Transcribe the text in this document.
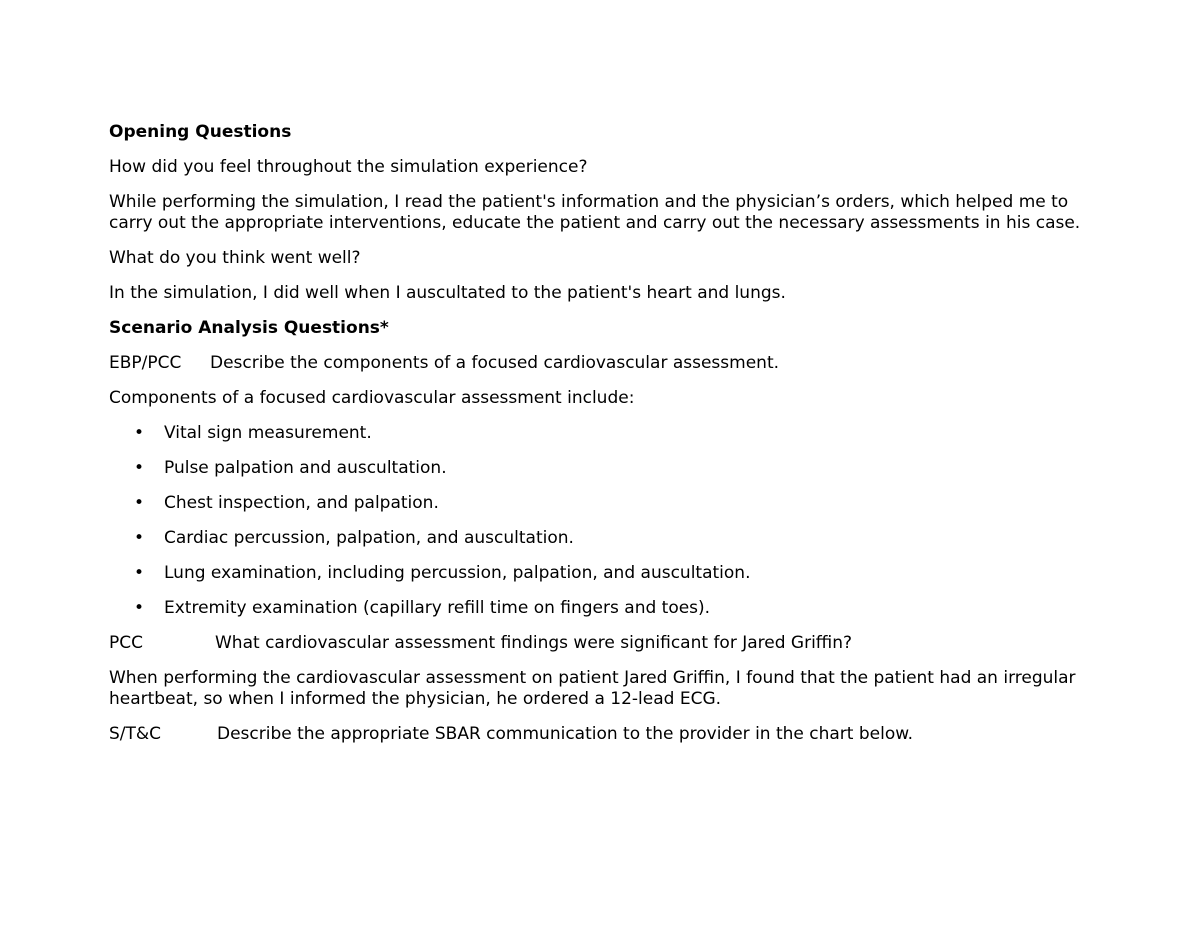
Opening Questions

How did you feel throughout the simulation experience?

While performing the simulation, I read the patient's information and the physician’s orders, which helped me to carry out the appropriate interventions, educate the patient and carry out the necessary assessments in his case.

What do you think went well?

In the simulation, I did well when I auscultated to the patient's heart and lungs.

Scenario Analysis Questions*

EBP/PCC Describe the components of a focused cardiovascular assessment.

Components of a focused cardiovascular assessment include:

• Vital sign measurement.
• Pulse palpation and auscultation.
• Chest inspection, and palpation.
• Cardiac percussion, palpation, and auscultation.
• Lung examination, including percussion, palpation, and auscultation.
• Extremity examination (capillary refill time on fingers and toes).

PCC	What cardiovascular assessment findings were significant for Jared Griffin?

When performing the cardiovascular assessment on patient Jared Griffin, I found that the patient had an irregular heartbeat, so when I informed the physician, he ordered a 12-lead ECG.

S/T&C	Describe the appropriate SBAR communication to the provider in the chart below.
